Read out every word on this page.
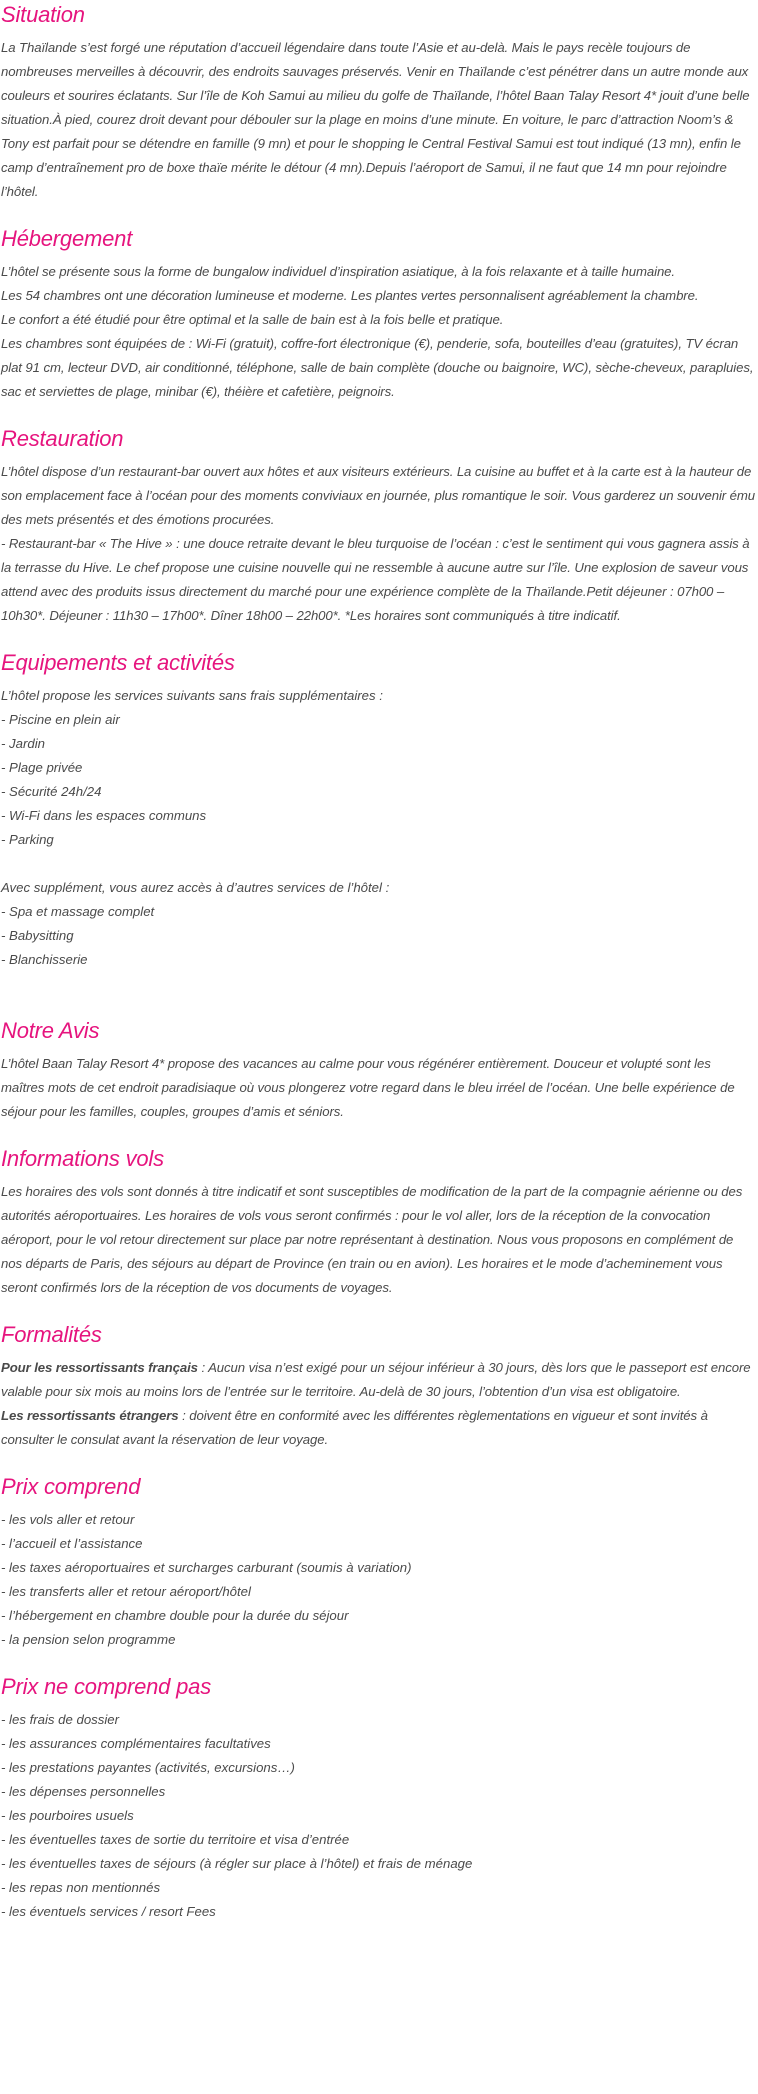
Situation

La Thaïlande s’est forgé une réputation d’accueil légendaire dans toute l’Asie et au-delà. Mais le pays recèle toujours de nombreuses merveilles à découvrir, des endroits sauvages préservés. Venir en Thaïlande c’est pénétrer dans un autre monde aux couleurs et sourires éclatants. Sur l’île de Koh Samui au milieu du golfe de Thaïlande, l’hôtel Baan Talay Resort 4* jouit d’une belle situation.À pied, courez droit devant pour débouler sur la plage en moins d’une minute. En voiture, le parc d’attraction Noom’s & Tony est parfait pour se détendre en famille (9 mn) et pour le shopping le Central Festival Samui est tout indiqué (13 mn), enfin le camp d’entraînement pro de boxe thaïe mérite le détour (4 mn).Depuis l’aéroport de Samui, il ne faut que 14 mn pour rejoindre l’hôtel.

Hébergement

L’hôtel se présente sous la forme de bungalow individuel d’inspiration asiatique, à la fois relaxante et à taille humaine.

Les 54 chambres ont une décoration lumineuse et moderne. Les plantes vertes personnalisent agréablement la chambre.

Le confort a été étudié pour être optimal et la salle de bain est à la fois belle et pratique.

Les chambres sont équipées de : Wi-Fi (gratuit), coffre-fort électronique (€), penderie, sofa, bouteilles d’eau (gratuites), TV écran plat 91 cm, lecteur DVD, air conditionné, téléphone, salle de bain complète (douche ou baignoire, WC), sèche-cheveux, parapluies, sac et serviettes de plage, minibar (€), théière et cafetière, peignoirs.

Restauration

L’hôtel dispose d’un restaurant-bar ouvert aux hôtes et aux visiteurs extérieurs. La cuisine au buffet et à la carte est à la hauteur de son emplacement face à l’océan pour des moments conviviaux en journée, plus romantique le soir. Vous garderez un souvenir ému des mets présentés et des émotions procurées.

- Restaurant-bar « The Hive » : une douce retraite devant le bleu turquoise de l’océan : c’est le sentiment qui vous gagnera assis à la terrasse du Hive. Le chef propose une cuisine nouvelle qui ne ressemble à aucune autre sur l’île. Une explosion de saveur vous attend avec des produits issus directement du marché pour une expérience complète de la Thaïlande.Petit déjeuner : 07h00 – 10h30*. Déjeuner : 11h30 – 17h00*. Dîner 18h00 – 22h00*. *Les horaires sont communiqués à titre indicatif.

Equipements et activités
L’hôtel propose les services suivants sans frais supplémentaires :
- Piscine en plein air
- Jardin
- Plage privée
- Sécurité 24h/24
- Wi-Fi dans les espaces communs
- Parking
Avec supplément, vous aurez accès à d’autres services de l’hôtel :
- Spa et massage complet
- Babysitting
- Blanchisserie
Notre Avis

L’hôtel Baan Talay Resort 4* propose des vacances au calme pour vous régénérer entièrement. Douceur et volupté sont les maîtres mots de cet endroit paradisiaque où vous plongerez votre regard dans le bleu irréel de l’océan. Une belle expérience de séjour pour les familles, couples, groupes d’amis et séniors.

Informations vols

Les horaires des vols sont donnés à titre indicatif et sont susceptibles de modification de la part de la compagnie aérienne ou des autorités aéroportuaires. Les horaires de vols vous seront confirmés : pour le vol aller, lors de la réception de la convocation aéroport, pour le vol retour directement sur place par notre représentant à destination. Nous vous proposons en complément de nos départs de Paris, des séjours au départ de Province (en train ou en avion). Les horaires et le mode d’acheminement vous seront confirmés lors de la réception de vos documents de voyages.

Formalités

Pour les ressortissants français : Aucun visa n’est exigé pour un séjour inférieur à 30 jours, dès lors que le passeport est encore valable pour six mois au moins lors de l’entrée sur le territoire. Au-delà de 30 jours, l’obtention d’un visa est obligatoire.

Les ressortissants étrangers : doivent être en conformité avec les différentes règlementations en vigueur et sont invités à consulter le consulat avant la réservation de leur voyage.

Prix comprend
- les vols aller et retour
- l’accueil et l’assistance
- les taxes aéroportuaires et surcharges carburant (soumis à variation)
- les transferts aller et retour aéroport/hôtel
- l’hébergement en chambre double pour la durée du séjour
- la pension selon programme
Prix ne comprend pas
- les frais de dossier
- les assurances complémentaires facultatives
- les prestations payantes (activités, excursions…)
- les dépenses personnelles
- les pourboires usuels
- les éventuelles taxes de sortie du territoire et visa d’entrée
- les éventuelles taxes de séjours (à régler sur place à l’hôtel) et frais de ménage
- les repas non mentionnés
- les éventuels services / resort Fees
